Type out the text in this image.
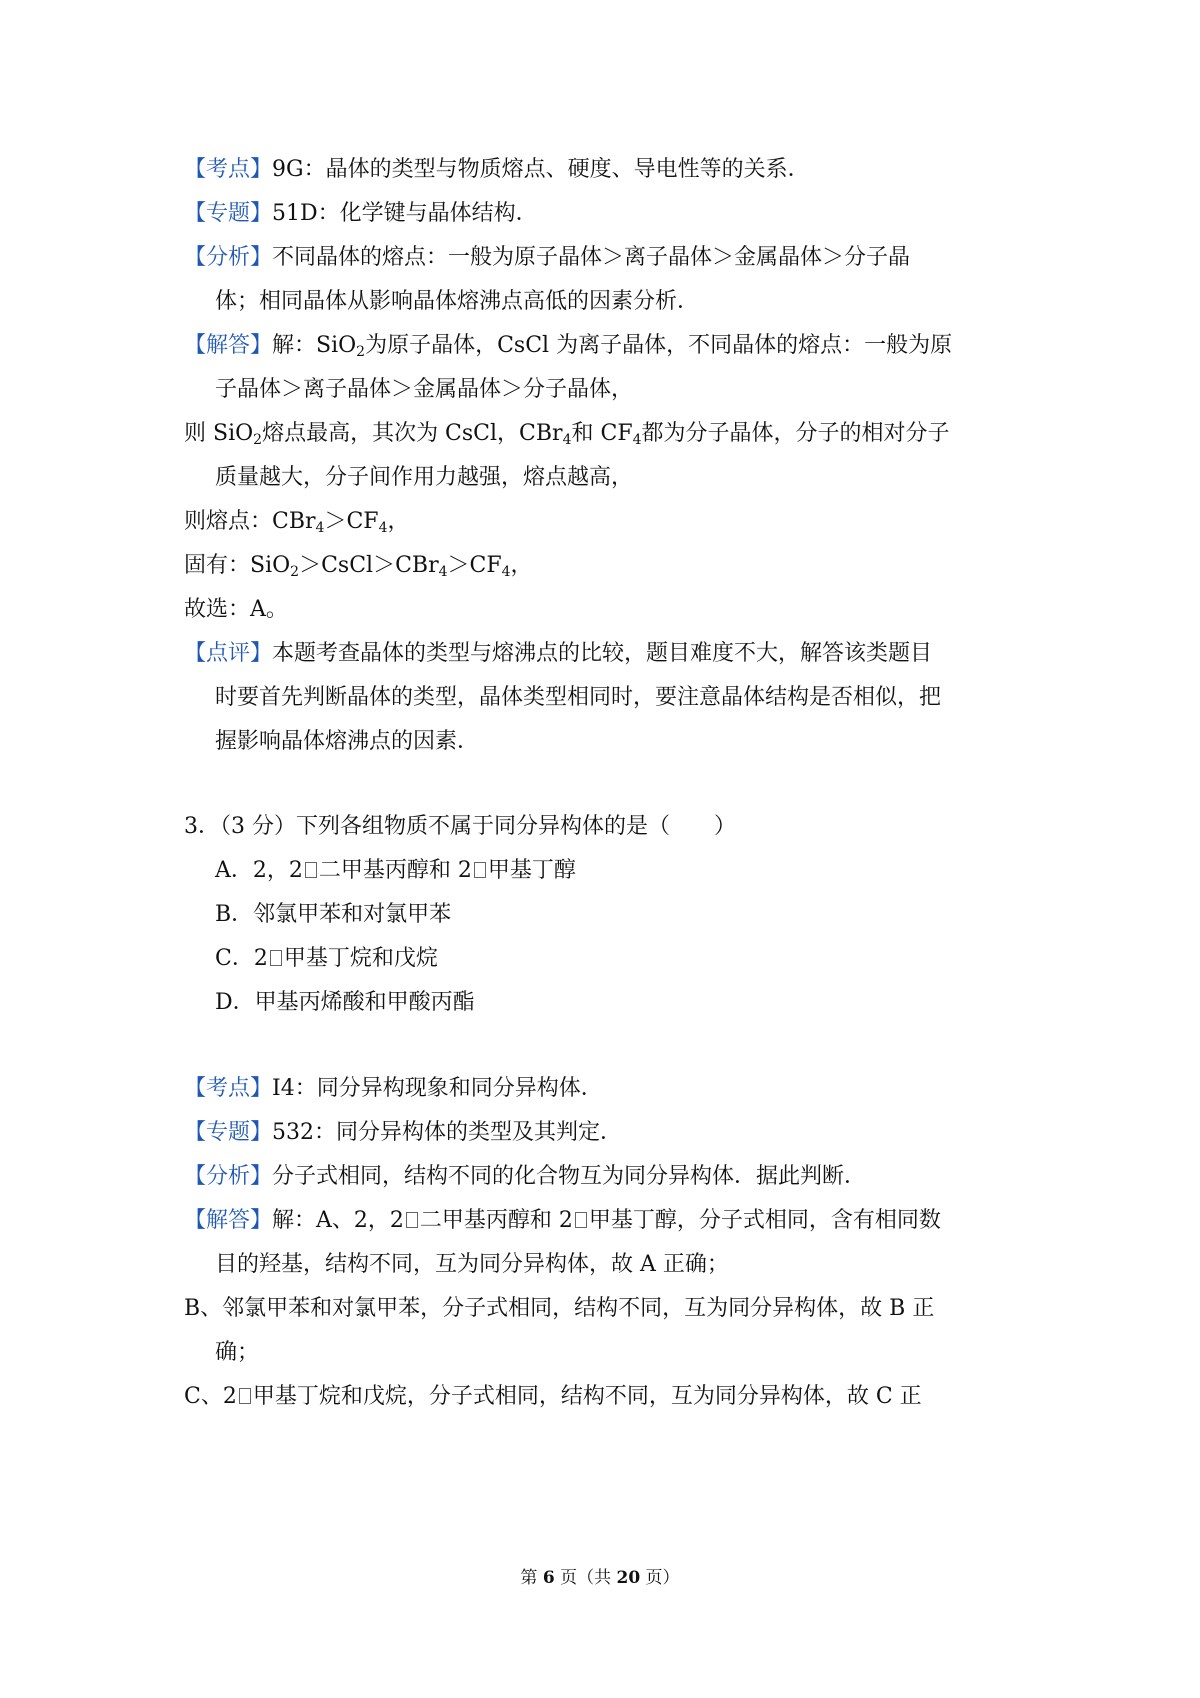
【考点】9G：晶体的类型与物质熔点、硬度、导电性等的关系．
【专题】51D：化学键与晶体结构．
【分析】不同晶体的熔点：一般为原子晶体＞离子晶体＞金属晶体＞分子晶
体；相同晶体从影响晶体熔沸点高低的因素分析．
【解答】解：SiO$_2$为原子晶体，CsCl 为离子晶体，不同晶体的熔点：一般为原
子晶体＞离子晶体＞金属晶体＞分子晶体，
则 SiO$_2$熔点最高，其次为 CsCl，CBr$_4$和 $CF_4$都为分子晶体，分子的相对分子
质量越大，分子间作用力越强，熔点越高，
则熔点：$CBr_4>CF_4$，
固有：$SiO_2>CsCl>CBr_4>CF_4$，
故选：A。
【点评】本题考查晶体的类型与熔沸点的比较，题目难度不大，解答该类题目
时要首先判断晶体的类型，晶体类型相同时，要注意晶体结构是否相似，把
握影响晶体熔沸点的因素．
3．（3 分）下列各组物质不属于同分异构体的是（　　）
A．2，2 二甲基丙醇和 2 甲基丁醇
B．邻氯甲苯和对氯甲苯
C．2 甲基丁烷和戊烷
D．甲基丙烯酸和甲酸丙酯
【考点】I4：同分异构现象和同分异构体．
【专题】532：同分异构体的类型及其判定．
【分析】分子式相同，结构不同的化合物互为同分异构体．据此判断．
【解答】解：A、2，2 二甲基丙醇和 2 甲基丁醇，分子式相同，含有相同数
目的羟基，结构不同，互为同分异构体，故 A 正确；
B、邻氯甲苯和对氯甲苯，分子式相同，结构不同，互为同分异构体，故 B 正
确；
C、2 甲基丁烷和戊烷，分子式相同，结构不同，互为同分异构体，故 C 正
第 6 页（共 20 页）
